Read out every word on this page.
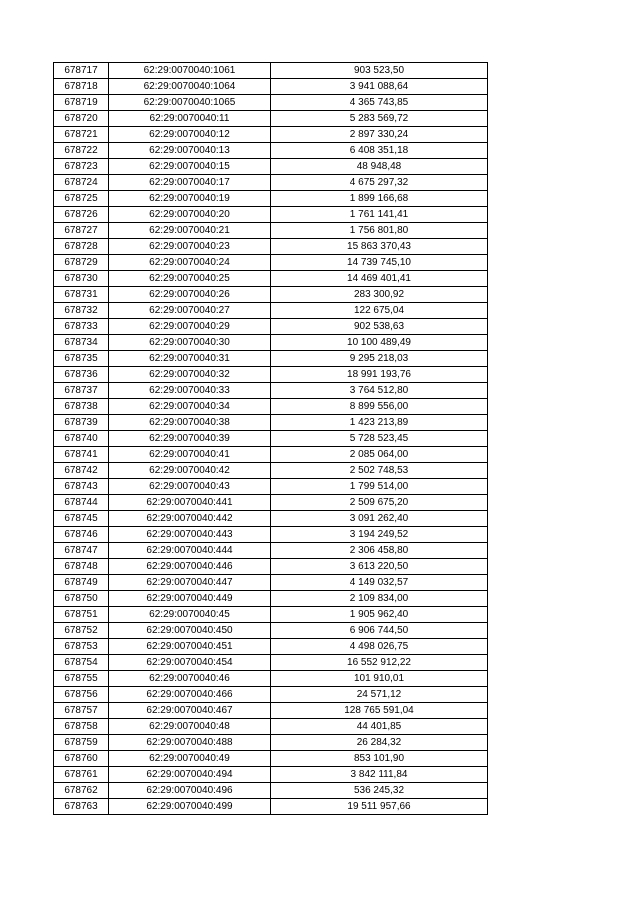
678717	62:29:0070040:1061	903 523,50
678718	62:29:0070040:1064	3 941 088,64
678719	62:29:0070040:1065	4 365 743,85
678720	62:29:0070040:11	5 283 569,72
678721	62:29:0070040:12	2 897 330,24
678722	62:29:0070040:13	6 408 351,18
678723	62:29:0070040:15	48 948,48
678724	62:29:0070040:17	4 675 297,32
678725	62:29:0070040:19	1 899 166,68
678726	62:29:0070040:20	1 761 141,41
678727	62:29:0070040:21	1 756 801,80
678728	62:29:0070040:23	15 863 370,43
678729	62:29:0070040:24	14 739 745,10
678730	62:29:0070040:25	14 469 401,41
678731	62:29:0070040:26	283 300,92
678732	62:29:0070040:27	122 675,04
678733	62:29:0070040:29	902 538,63
678734	62:29:0070040:30	10 100 489,49
678735	62:29:0070040:31	9 295 218,03
678736	62:29:0070040:32	18 991 193,76
678737	62:29:0070040:33	3 764 512,80
678738	62:29:0070040:34	8 899 556,00
678739	62:29:0070040:38	1 423 213,89
678740	62:29:0070040:39	5 728 523,45
678741	62:29:0070040:41	2 085 064,00
678742	62:29:0070040:42	2 502 748,53
678743	62:29:0070040:43	1 799 514,00
678744	62:29:0070040:441	2 509 675,20
678745	62:29:0070040:442	3 091 262,40
678746	62:29:0070040:443	3 194 249,52
678747	62:29:0070040:444	2 306 458,80
678748	62:29:0070040:446	3 613 220,50
678749	62:29:0070040:447	4 149 032,57
678750	62:29:0070040:449	2 109 834,00
678751	62:29:0070040:45	1 905 962,40
678752	62:29:0070040:450	6 906 744,50
678753	62:29:0070040:451	4 498 026,75
678754	62:29:0070040:454	16 552 912,22
678755	62:29:0070040:46	101 910,01
678756	62:29:0070040:466	24 571,12
678757	62:29:0070040:467	128 765 591,04
678758	62:29:0070040:48	44 401,85
678759	62:29:0070040:488	26 284,32
678760	62:29:0070040:49	853 101,90
678761	62:29:0070040:494	3 842 111,84
678762	62:29:0070040:496	536 245,32
678763	62:29:0070040:499	19 511 957,66
